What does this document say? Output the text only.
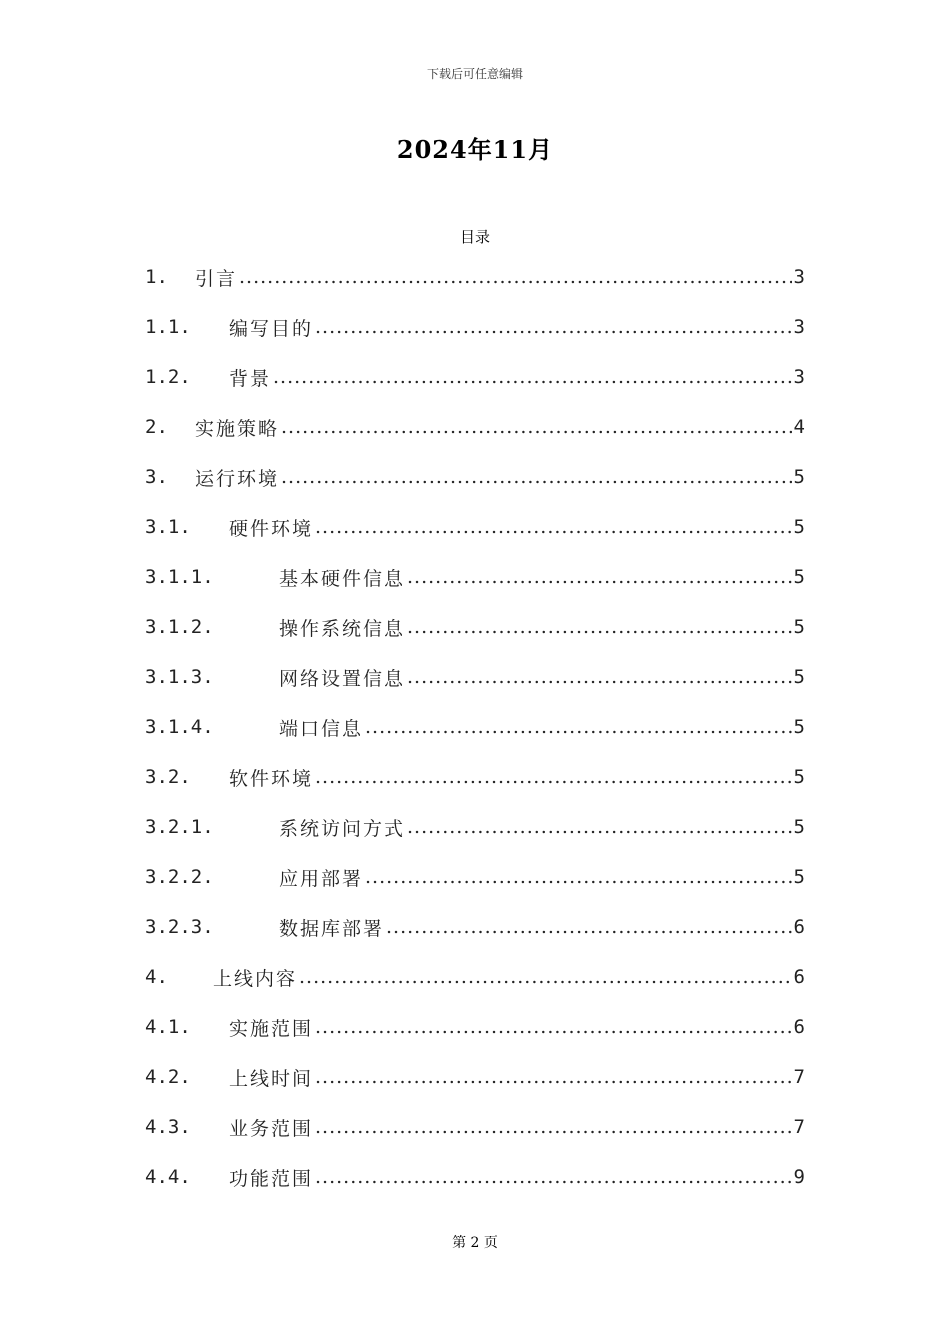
下载后可任意编辑
2024年11月
目录
1.	引言 .....	3
1.1.	编写目的 .....	3
1.2.	背景 .....	3
2.	实施策略 .....	4
3.	运行环境 .....	5
3.1.	硬件环境 .....	5
3.1.1.	基本硬件信息 .....	5
3.1.2.	操作系统信息 .....	5
3.1.3.	网络设置信息 .....	5
3.1.4.	端口信息 .....	5
3.2.	软件环境 .....	5
3.2.1.	系统访问方式 .....	5
3.2.2.	应用部署 .....	5
3.2.3.	数据库部署 .....	6
4.	上线内容 .....	6
4.1.	实施范围 .....	6
4.2.	上线时间 .....	7
4.3.	业务范围 .....	7
4.4.	功能范围 .....	9
第 2 页
